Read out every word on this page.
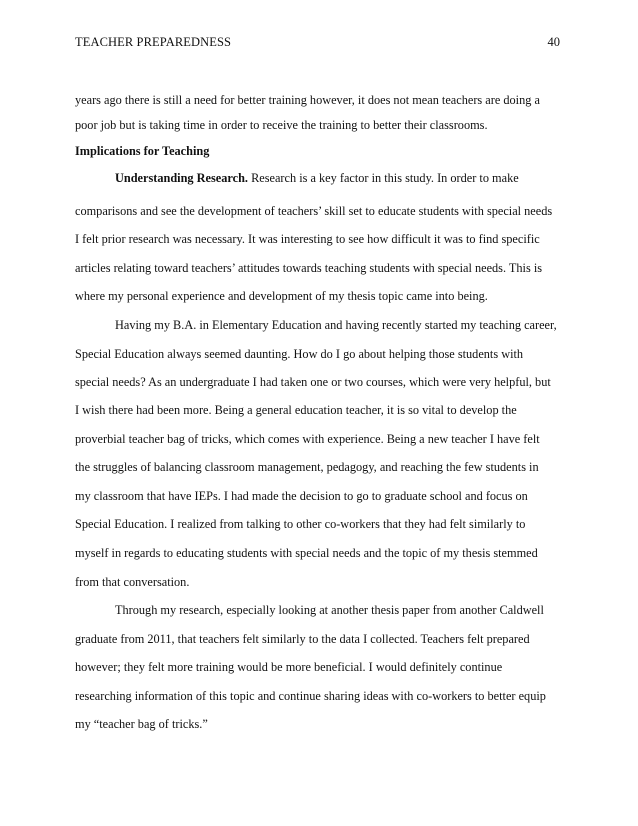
TEACHER PREPAREDNESS	40
years ago there is still a need for better training however, it does not mean teachers are doing a
poor job but is taking time in order to receive the training to better their classrooms.
Implications for Teaching
Understanding Research. Research is a key factor in this study. In order to make
comparisons and see the development of teachers’ skill set to educate students with special needs
I felt prior research was necessary. It was interesting to see how difficult it was to find specific
articles relating toward teachers’ attitudes towards teaching students with special needs. This is
where my personal experience and development of my thesis topic came into being.
Having my B.A. in Elementary Education and having recently started my teaching career,
Special Education always seemed daunting. How do I go about helping those students with
special needs? As an undergraduate I had taken one or two courses, which were very helpful, but
I wish there had been more. Being a general education teacher, it is so vital to develop the
proverbial teacher bag of tricks, which comes with experience. Being a new teacher I have felt
the struggles of balancing classroom management, pedagogy, and reaching the few students in
my classroom that have IEPs. I had made the decision to go to graduate school and focus on
Special Education. I realized from talking to other co-workers that they had felt similarly to
myself in regards to educating students with special needs and the topic of my thesis stemmed
from that conversation.
Through my research, especially looking at another thesis paper from another Caldwell
graduate from 2011, that teachers felt similarly to the data I collected. Teachers felt prepared
however; they felt more training would be more beneficial. I would definitely continue
researching information of this topic and continue sharing ideas with co-workers to better equip
my “teacher bag of tricks.”
